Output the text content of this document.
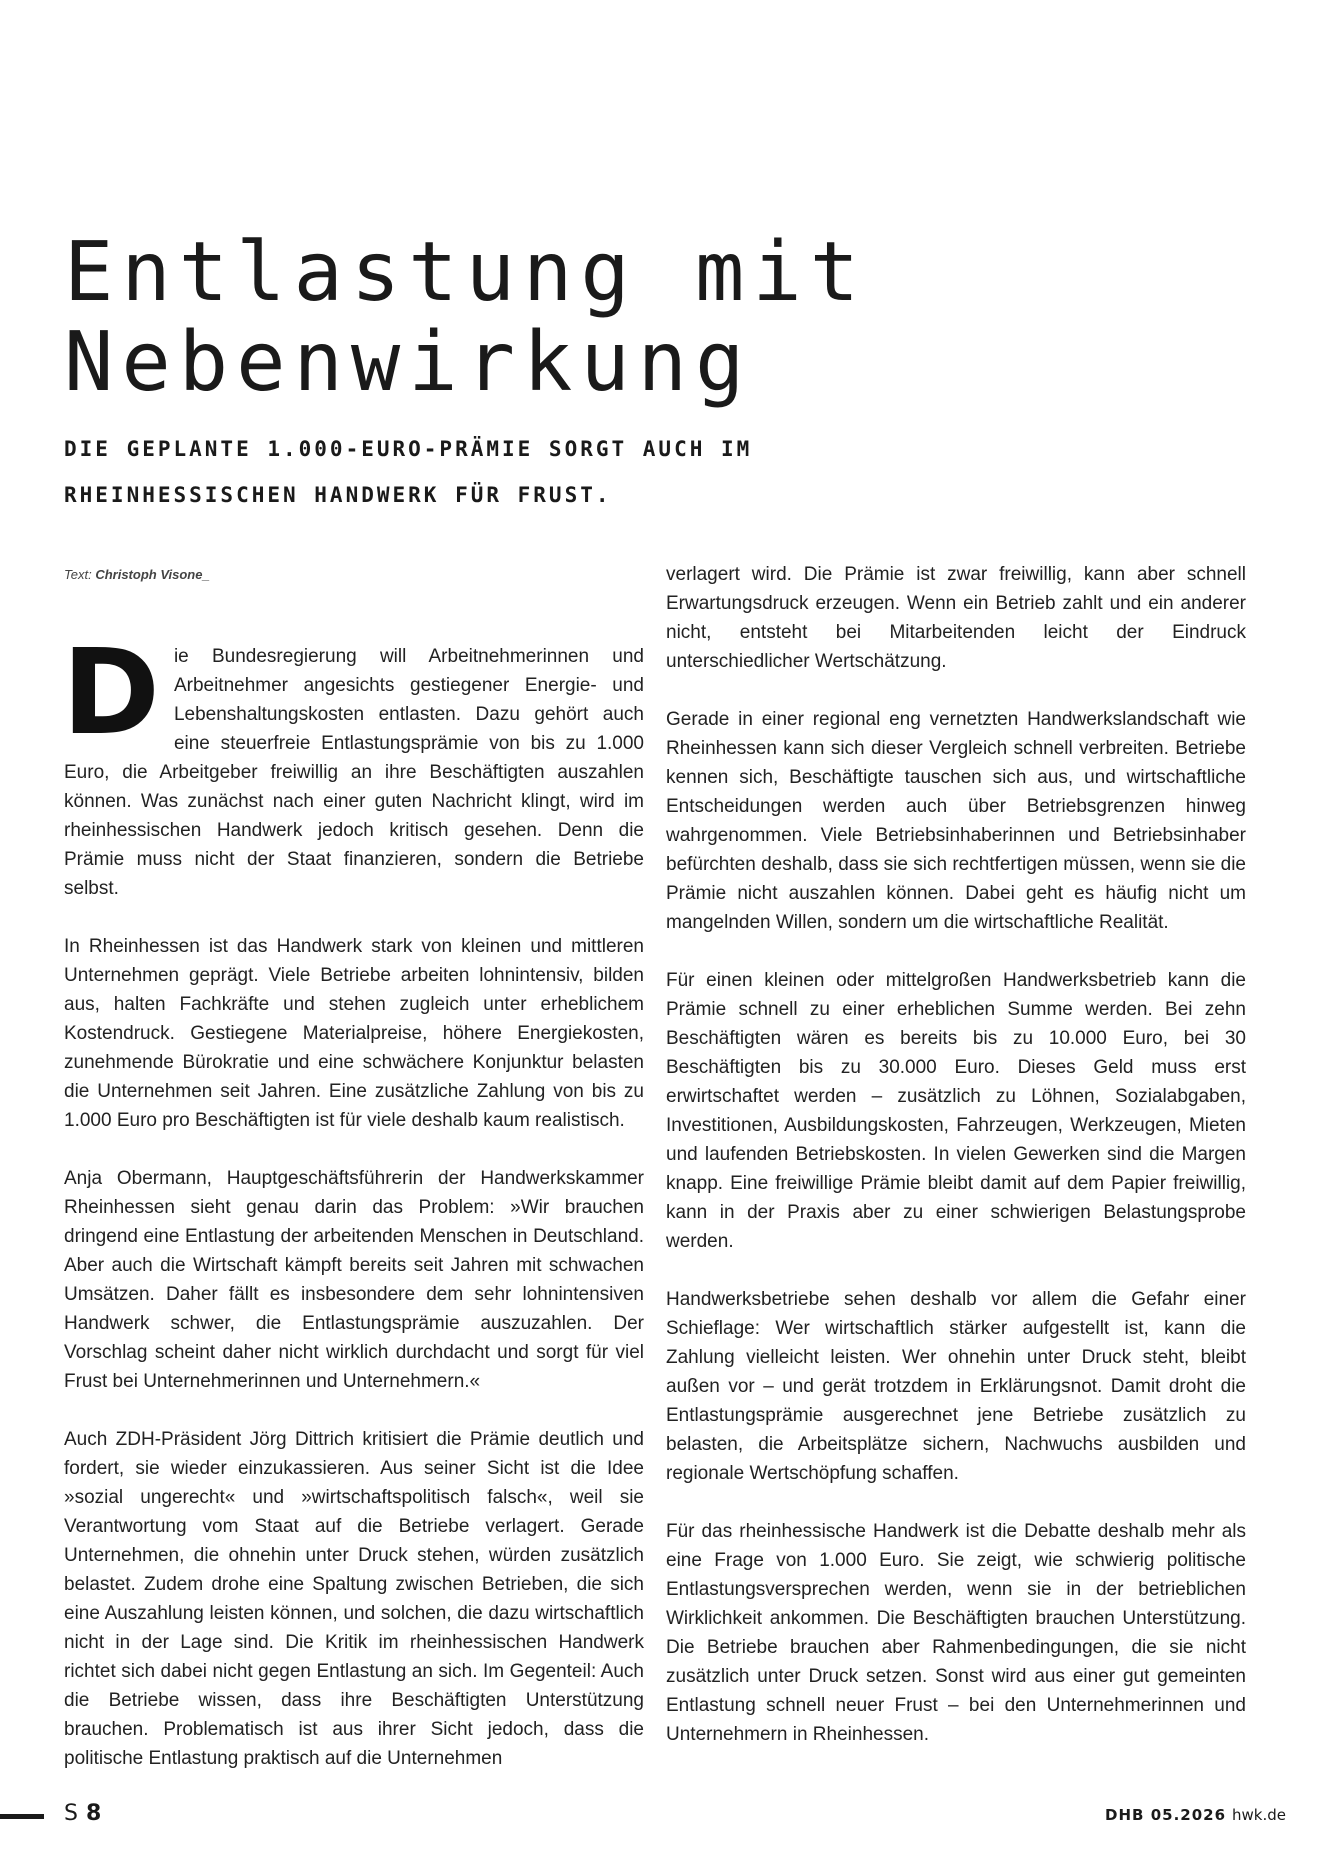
Entlastung mit
Nebenwirkung
DIE GEPLANTE 1.000-EURO-PRÄMIE SORGT AUCH IM
RHEINHESSISCHEN HANDWERK FÜR FRUST.

Text: Christoph Visone_

Die Bundesregierung will Arbeitnehmerinnen und Arbeitnehmer angesichts gestiegener Energie- und Lebenshaltungskosten entlasten. Dazu gehört auch eine steuerfreie Entlastungsprämie von bis zu 1.000 Euro, die Arbeitgeber freiwillig an ihre Beschäftigten auszahlen können. Was zunächst nach einer guten Nachricht klingt, wird im rheinhessischen Handwerk jedoch kritisch gesehen. Denn die Prämie muss nicht der Staat finanzieren, sondern die Betriebe selbst.

In Rheinhessen ist das Handwerk stark von kleinen und mittleren Unternehmen geprägt. Viele Betriebe arbeiten lohnintensiv, bilden aus, halten Fachkräfte und stehen zugleich unter erheblichem Kostendruck. Gestiegene Materialpreise, höhere Energiekosten, zunehmende Bürokratie und eine schwächere Konjunktur belasten die Unternehmen seit Jahren. Eine zusätzliche Zahlung von bis zu 1.000 Euro pro Beschäftigten ist für viele deshalb kaum realistisch.

Anja Obermann, Hauptgeschäftsführerin der Handwerkskammer Rheinhessen sieht genau darin das Problem: »Wir brauchen dringend eine Entlastung der arbeitenden Menschen in Deutschland. Aber auch die Wirtschaft kämpft bereits seit Jahren mit schwachen Umsätzen. Daher fällt es insbesondere dem sehr lohnintensiven Handwerk schwer, die Entlastungsprämie auszuzahlen. Der Vorschlag scheint daher nicht wirklich durchdacht und sorgt für viel Frust bei Unternehmerinnen und Unternehmern.«

Auch ZDH-Präsident Jörg Dittrich kritisiert die Prämie deutlich und fordert, sie wieder einzukassieren. Aus seiner Sicht ist die Idee »sozial ungerecht« und »wirtschaftspolitisch falsch«, weil sie Verantwortung vom Staat auf die Betriebe verlagert. Gerade Unternehmen, die ohnehin unter Druck stehen, würden zusätzlich belastet. Zudem drohe eine Spaltung zwischen Betrieben, die sich eine Auszahlung leisten können, und solchen, die dazu wirtschaftlich nicht in der Lage sind. Die Kritik im rheinhessischen Handwerk richtet sich dabei nicht gegen Entlastung an sich. Im Gegenteil: Auch die Betriebe wissen, dass ihre Beschäftigten Unterstützung brauchen. Problematisch ist aus ihrer Sicht jedoch, dass die politische Entlastung praktisch auf die Unternehmen

verlagert wird. Die Prämie ist zwar freiwillig, kann aber schnell Erwartungsdruck erzeugen. Wenn ein Betrieb zahlt und ein anderer nicht, entsteht bei Mitarbeitenden leicht der Eindruck unterschiedlicher Wertschätzung.

Gerade in einer regional eng vernetzten Handwerkslandschaft wie Rheinhessen kann sich dieser Vergleich schnell verbreiten. Betriebe kennen sich, Beschäftigte tauschen sich aus, und wirtschaftliche Entscheidungen werden auch über Betriebsgrenzen hinweg wahrgenommen. Viele Betriebsinhaberinnen und Betriebsinhaber befürchten deshalb, dass sie sich rechtfertigen müssen, wenn sie die Prämie nicht auszahlen können. Dabei geht es häufig nicht um mangelnden Willen, sondern um die wirtschaftliche Realität.

Für einen kleinen oder mittelgroßen Handwerksbetrieb kann die Prämie schnell zu einer erheblichen Summe werden. Bei zehn Beschäftigten wären es bereits bis zu 10.000 Euro, bei 30 Beschäftigten bis zu 30.000 Euro. Dieses Geld muss erst erwirtschaftet werden – zusätzlich zu Löhnen, Sozialabgaben, Investitionen, Ausbildungskosten, Fahrzeugen, Werkzeugen, Mieten und laufenden Betriebskosten. In vielen Gewerken sind die Margen knapp. Eine freiwillige Prämie bleibt damit auf dem Papier freiwillig, kann in der Praxis aber zu einer schwierigen Belastungsprobe werden.

Handwerksbetriebe sehen deshalb vor allem die Gefahr einer Schieflage: Wer wirtschaftlich stärker aufgestellt ist, kann die Zahlung vielleicht leisten. Wer ohnehin unter Druck steht, bleibt außen vor – und gerät trotzdem in Erklärungsnot. Damit droht die Entlastungsprämie ausgerechnet jene Betriebe zusätzlich zu belasten, die Arbeitsplätze sichern, Nachwuchs ausbilden und regionale Wertschöpfung schaffen.

Für das rheinhessische Handwerk ist die Debatte deshalb mehr als eine Frage von 1.000 Euro. Sie zeigt, wie schwierig politische Entlastungsversprechen werden, wenn sie in der betrieblichen Wirklichkeit ankommen. Die Beschäftigten brauchen Unterstützung. Die Betriebe brauchen aber Rahmenbedingungen, die sie nicht zusätzlich unter Druck setzen. Sonst wird aus einer gut gemeinten Entlastung schnell neuer Frust – bei den Unternehmerinnen und Unternehmern in Rheinhessen.

S 8	DHB 05.2026 hwk.de
